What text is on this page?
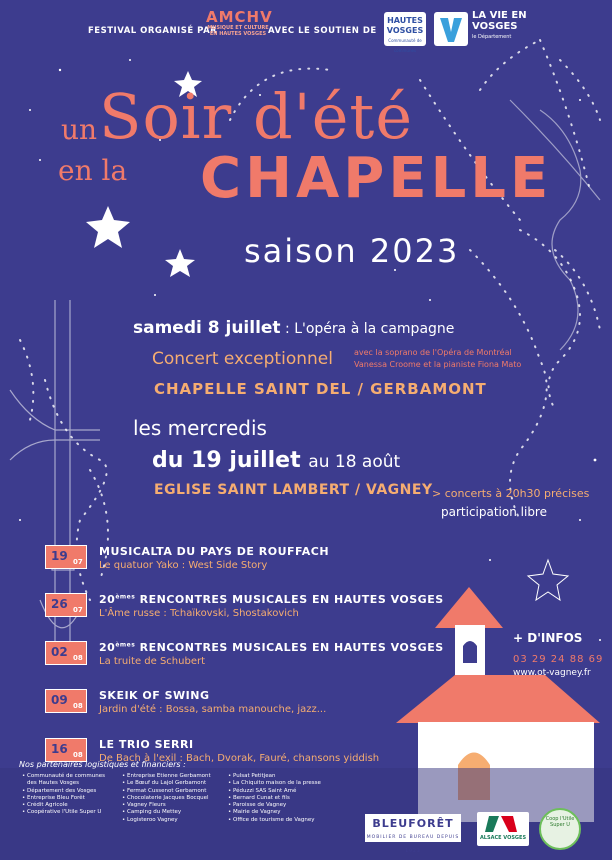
FESTIVAL ORGANISÉ PAR
AMCHV
MUSIQUE ET CULTURE EN HAUTES VOSGES AVEC LE SOUTIEN DE
HAUTES VOSGES
Communauté de communes
LA VIE EN VOSGES
le Département
un Soir d'été
en la CHAPELLE
saison 2023
samedi 8 juillet : L'opéra à la campagne
Concert exceptionnel	avec la soprano de l'Opéra de Montréal
Vanessa Croome et la pianiste Fiona Mato
CHAPELLE SAINT DEL / GERBAMONT
les mercredis
du 19 juillet au 18 août
EGLISE SAINT LAMBERT / VAGNEY > concerts à 20h30 précises
participation libre
19 07
MUSICALTA DU PAYS DE ROUFFACH
Le quatuor Yako : West Side Story
26 07
20èmes RENCONTRES MUSICALES EN HAUTES VOSGES
L'Âme russe : Tchaïkovski, Shostakovich
02 08
20èmes RENCONTRES MUSICALES EN HAUTES VOSGES
La truite de Schubert
09 08
SKEIK OF SWING
Jardin d'été : Bossa, samba manouche, jazz...
16 08
LE TRIO SERRI
De Bach à l'exil : Bach, Dvorak, Fauré, chansons yiddish
+ D'INFOS
03 29 24 88 69
www.ot-vagney.fr
Nos partenaires logistiques et financiers :
• Communauté de communes
des Hautes Vosges
• Département des Vosges
• Entreprise Bleu Forêt
• Crédit Agricole
• Coopérative l'Utile Super U
• Entreprise Etienne Gerbamont
• Le Bœuf du Lajol Gerbamont
• Fermat Cussenot Gerbamont
• Chocolaterie Jacques Bocquel
• Vagney Fleurs
• Camping du Mettey
• Logisteroo Vagney
• Pulsat Petitjean
• La Chiquito maison de la presse
• Péduzzi SAS Saint Amé
• Bernard Cunat et fils
• Paroisse de Vagney
• Mairie de Vagney
• Office de tourisme de Vagney	BLEUFORÊT
MOBILIER DE BUREAU DEPUIS 1923
ALSACE VOSGES
Coop l'Utile Super U
